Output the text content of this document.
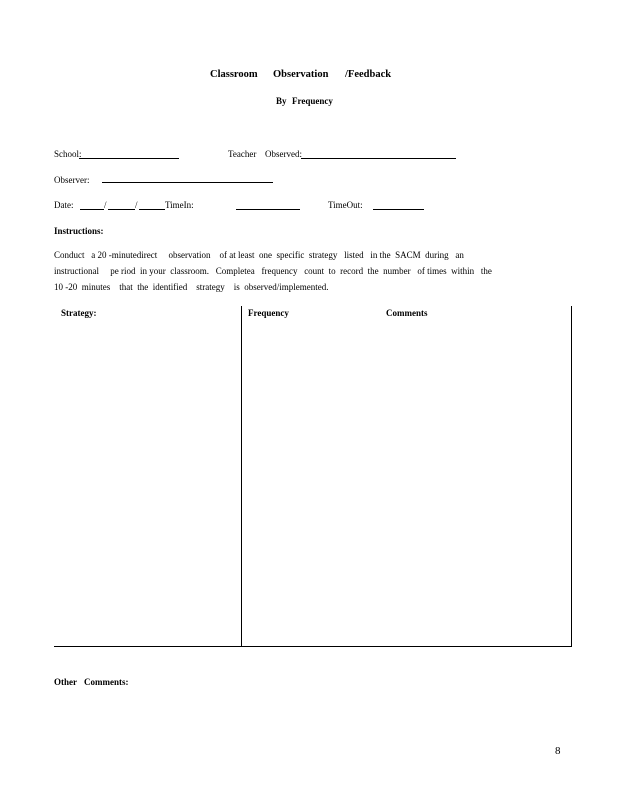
Classroom Observation /Feedback
By Frequency
School:	Teacher Observed:
Observer:
Date:	/	/	TimeIn:	TimeOut:
Instructions:
Conduct   a 20 -minutedirect     observation    of at least  one  specific  strategy   listed   in the  SACM  during   an
instructional     pe riod  in your  classroom.   Completea   frequency   count  to  record  the  number   of times  within   the
10 -20  minutes    that  the  identified    strategy    is  observed/implemented.
Strategy:	Frequency	Comments
Other Comments:
8
